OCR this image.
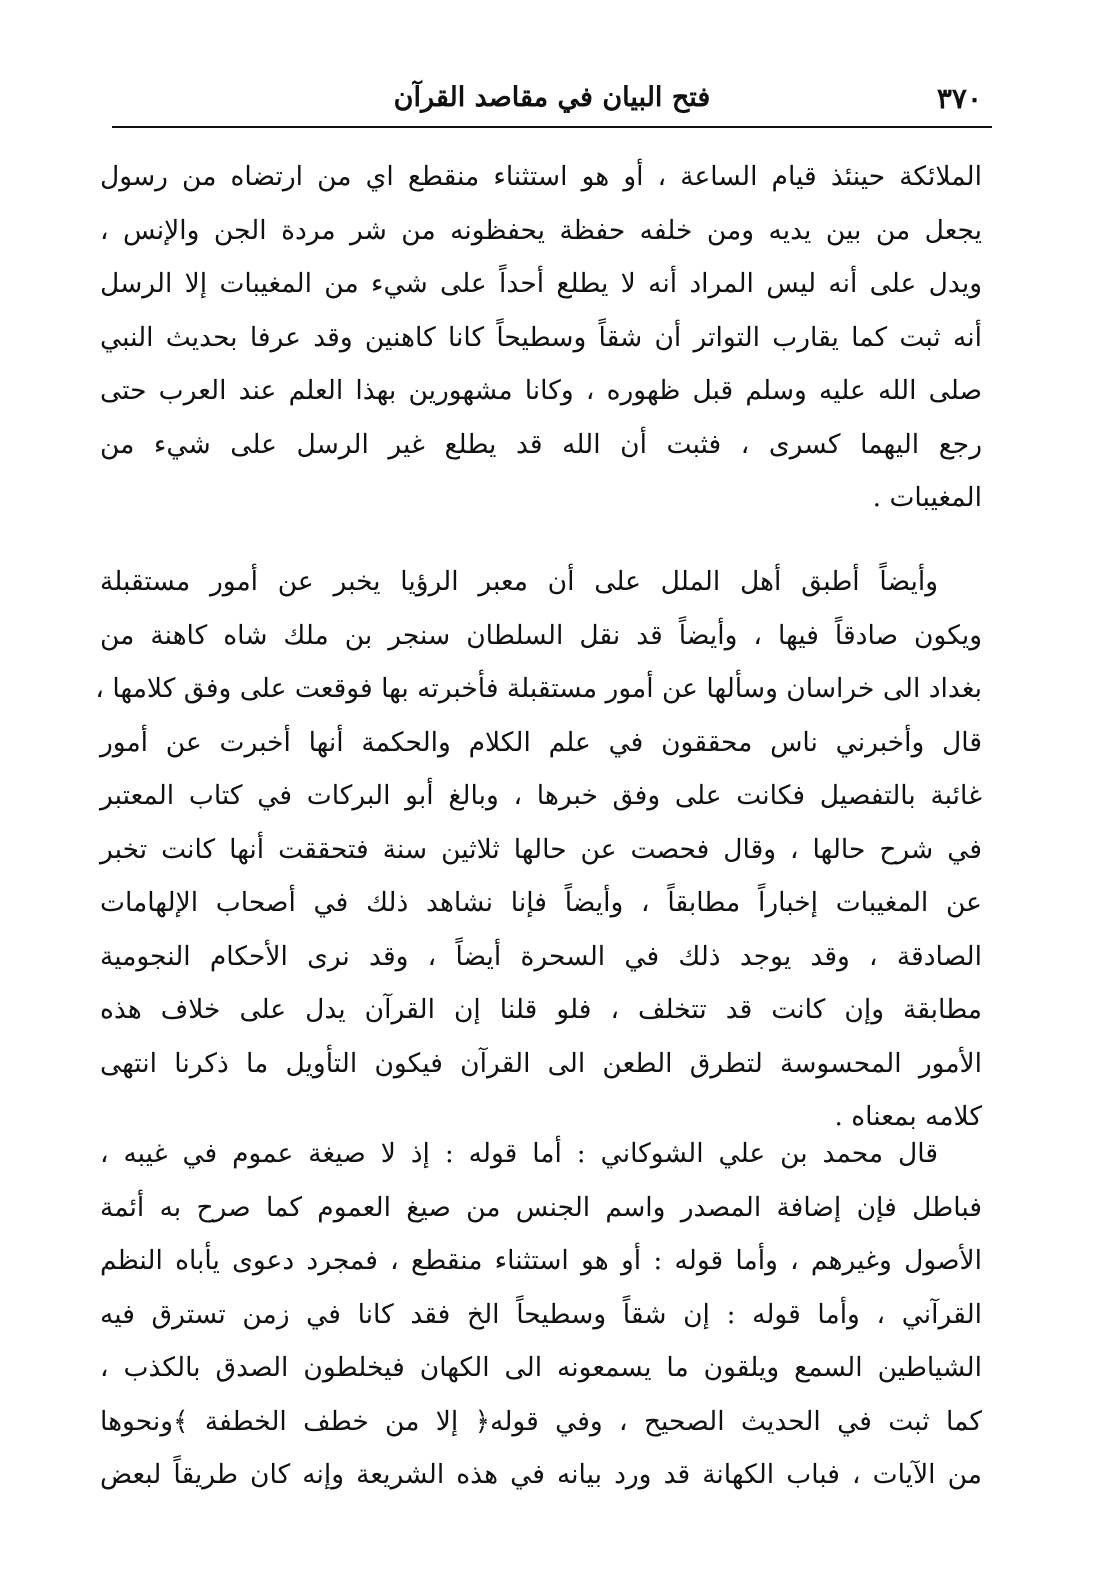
٣٧٠
فتح البيان في مقاصد القرآن
الملائكة حينئذ قيام الساعة ، أو هو استثناء منقطع اي من ارتضاه من رسول
يجعل من بين يديه ومن خلفه حفظة يحفظونه من شر مردة الجن والإنس ،
ويدل على أنه ليس المراد أنه لا يطلع أحداً على شيء من المغيبات إلا الرسل
أنه ثبت كما يقارب التواتر أن شقاً وسطيحاً كانا كاهنين وقد عرفا بحديث النبي
صلى الله عليه وسلم قبل ظهوره ، وكانا مشهورين بهذا العلم عند العرب حتى
رجع اليهما كسرى ، فثبت أن الله قد يطلع غير الرسل على شيء من
المغيبات .
وأيضاً أطبق أهل الملل على أن معبر الرؤيا يخبر عن أمور مستقبلة
ويكون صادقاً فيها ، وأيضاً قد نقل السلطان سنجر بن ملك شاه كاهنة من
بغداد الى خراسان وسألها عن أمور مستقبلة فأخبرته بها فوقعت على وفق كلامها ،
قال وأخبرني ناس محققون في علم الكلام والحكمة أنها أخبرت عن أمور
غائبة بالتفصيل فكانت على وفق خبرها ، وبالغ أبو البركات في كتاب المعتبر
في شرح حالها ، وقال فحصت عن حالها ثلاثين سنة فتحققت أنها كانت تخبر
عن المغيبات إخباراً مطابقاً ، وأيضاً فإنا نشاهد ذلك في أصحاب الإلهامات
الصادقة ، وقد يوجد ذلك في السحرة أيضاً ، وقد نرى الأحكام النجومية
مطابقة وإن كانت قد تتخلف ، فلو قلنا إن القرآن يدل على خلاف هذه
الأمور المحسوسة لتطرق الطعن الى القرآن فيكون التأويل ما ذكرنا انتهى
كلامه بمعناه .
قال محمد بن علي الشوكاني : أما قوله : إذ لا صيغة عموم في غيبه ،
فباطل فإن إضافة المصدر واسم الجنس من صيغ العموم كما صرح به أئمة
الأصول وغيرهم ، وأما قوله : أو هو استثناء منقطع ، فمجرد دعوى يأباه النظم
القرآني ، وأما قوله : إن شقاً وسطيحاً الخ فقد كانا في زمن تسترق فيه
الشياطين السمع ويلقون ما يسمعونه الى الكهان فيخلطون الصدق بالكذب ،
كما ثبت في الحديث الصحيح ، وفي قوله﴿ إلا من خطف الخطفة ﴾ونحوها
من الآيات ، فباب الكهانة قد ورد بيانه في هذه الشريعة وإنه كان طريقاً لبعض
